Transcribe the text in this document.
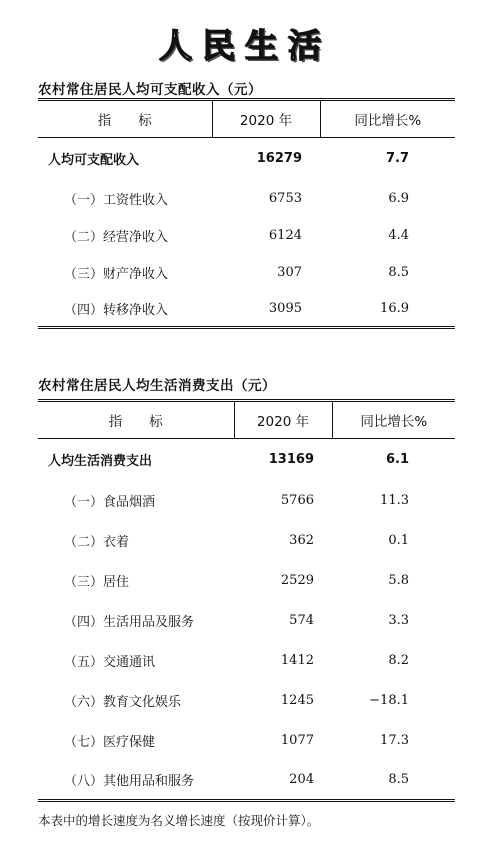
人民生活
农村常住居民人均可支配收入（元）
指　　标	2020 年	同比增长%
人均可支配收入	16279	7.7
（一）工资性收入	6753	6.9
（二）经营净收入	6124	4.4
（三）财产净收入	307	8.5
（四）转移净收入	3095	16.9
农村常住居民人均生活消费支出（元）
指　　标	2020 年	同比增长%
人均生活消费支出	13169	6.1
（一）食品烟酒	5766	11.3
（二）衣着	362	0.1
（三）居住	2529	5.8
（四）生活用品及服务	574	3.3
（五）交通通讯	1412	8.2
（六）教育文化娱乐	1245	−18.1
（七）医疗保健	1077	17.3
（八）其他用品和服务	204	8.5
本表中的增长速度为名义增长速度（按现价计算）。
